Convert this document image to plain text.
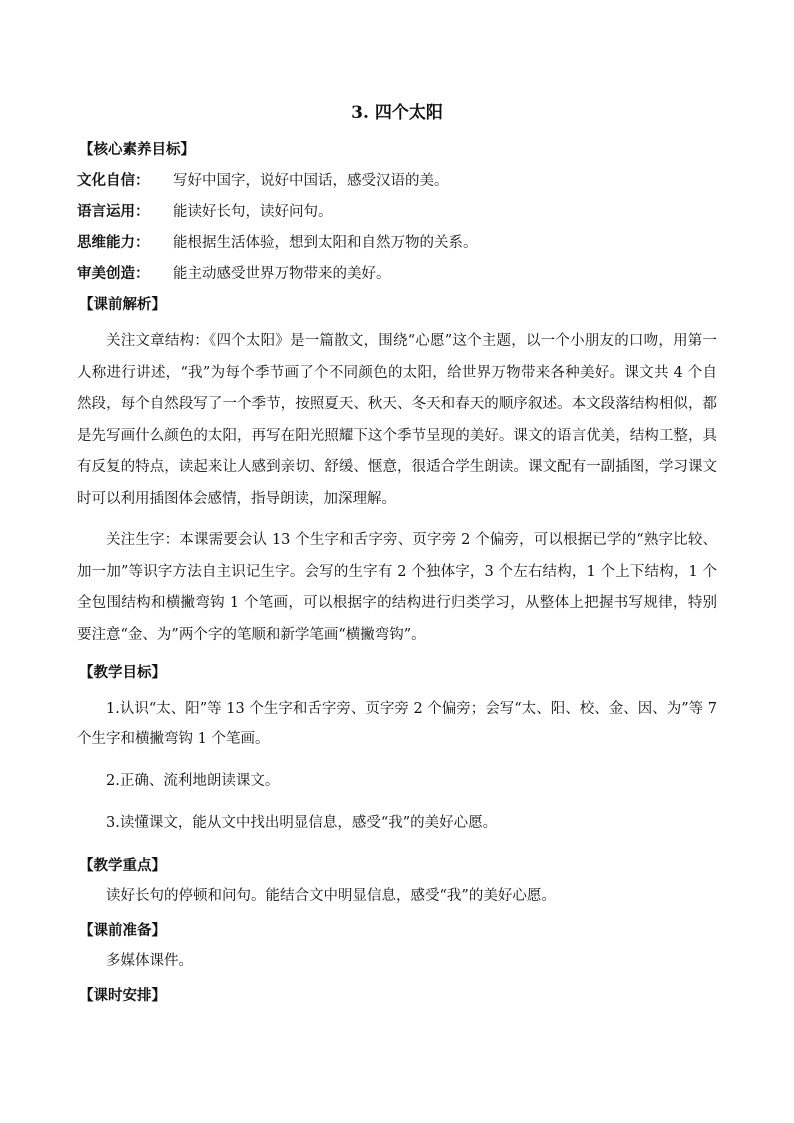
3. 四个太阳
【核心素养目标】
文化自信： 写好中国字，说好中国话，感受汉语的美。
语言运用： 能读好长句，读好问句。
思维能力： 能根据生活体验，想到太阳和自然万物的关系。
审美创造： 能主动感受世界万物带来的美好。
【课前解析】

关注文章结构：《四个太阳》是一篇散文，围绕“心愿”这个主题，以一个小朋友的口吻，用第一人称进行讲述，“我”为每个季节画了个不同颜色的太阳，给世界万物带来各种美好。课文共 4 个自然段，每个自然段写了一个季节，按照夏天、秋天、冬天和春天的顺序叙述。本文段落结构相似，都是先写画什么颜色的太阳，再写在阳光照耀下这个季节呈现的美好。课文的语言优美，结构工整，具有反复的特点，读起来让人感到亲切、舒缓、惬意，很适合学生朗读。课文配有一副插图，学习课文时可以利用插图体会感情，指导朗读，加深理解。

关注生字：本课需要会认 13 个生字和舌字旁、页字旁 2 个偏旁，可以根据已学的“熟字比较、加一加”等识字方法自主识记生字。会写的生字有 2 个独体字，3 个左右结构，1 个上下结构，1 个全包围结构和横撇弯钩 1 个笔画，可以根据字的结构进行归类学习，从整体上把握书写规律，特别要注意“金、为”两个字的笔顺和新学笔画“横撇弯钩”。

【教学目标】

1.认识“太、阳”等 13 个生字和舌字旁、页字旁 2 个偏旁；会写“太、阳、校、金、因、为”等 7 个生字和横撇弯钩 1 个笔画。

2.正确、流利地朗读课文。

3.读懂课文，能从文中找出明显信息，感受“我”的美好心愿。

【教学重点】

读好长句的停顿和问句。能结合文中明显信息，感受“我”的美好心愿。

【课前准备】

多媒体课件。

【课时安排】
